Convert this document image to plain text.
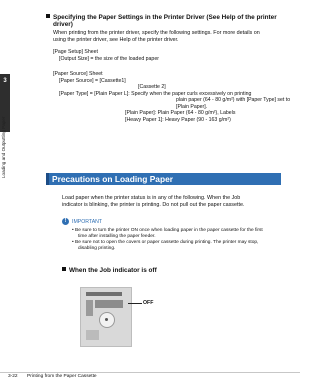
3
Loading and Outputting Paper
Specifying the Paper Settings in the Printer Driver (See Help of the printer
driver)
When printing from the printer driver, specify the following settings. For more details on
using the printer driver, see Help of the printer driver.
[Page Setup] Sheet
[Output Size] = the size of the loaded paper
[Paper Source] Sheet
[Paper Source] = [Cassette1]
[Cassette 2]
[Paper Type] = [Plain Paper L]: Specify when the paper curls excessively on printing
plain paper (64 - 80 g/m²) with [Paper Type] set to
[Plain Paper].
[Plain Paper]: Plain Paper (64 - 80 g/m²), Labels
[Heavy Paper 1]: Heavy Paper (90 - 163 g/m²)
Precautions on Loading Paper
Load paper when the printer status is in any of the following. When the Job
indicator is blinking, the printer is printing. Do not pull out the paper cassette.
!	IMPORTANT
• Be sure to turn the printer ON once when loading paper in the paper cassette for the first
time after installing the paper feeder.
• Be sure not to open the covers or paper cassette during printing. The printer may stop,
disabling printing.
When the Job indicator is off
OFF
3-22 Printing from the Paper Cassette
